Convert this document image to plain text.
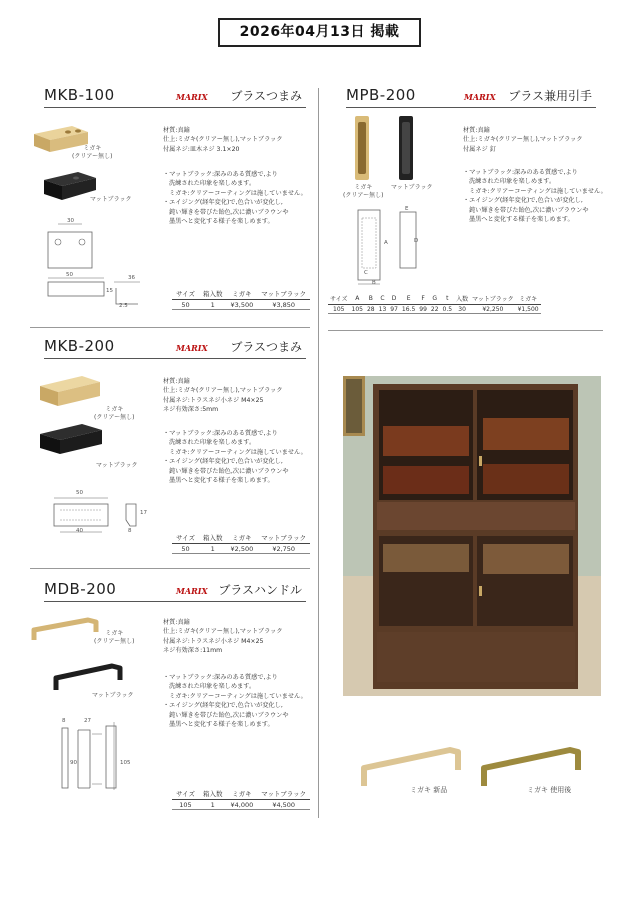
2026年04月13日 掲載
MKB-100	MARIX ブラスつまみ
ミガキ
(クリアー無し)
マットブラック
30
50	36
15
2.5

材質:真鍮

仕上:ミガキ(クリアー無し),マットブラック

付属ネジ:皿木ネジ 3.1×20

・マットブラック:深みのある質感で,より

洗練された印象を楽しめます。

ミガキ:クリアーコーティングは施していません。

・エイジング(経年変化)で,色合いが変化し,

鈍い輝きを帯びた飴色,次に濃いブラウンや

墨黒へと変化する様子を楽しめます。

サイズ	箱入数	ミガキ	マットブラック
50	1	¥3,500	¥3,850
MPB-200	MARIX ブラス兼用引手
ミガキ
(クリアー無し)
マットブラック
A
B
C
D
E

材質:真鍮

仕上:ミガキ(クリアー無し),マットブラック

付属ネジ 釘

・マットブラック:深みのある質感で,より

洗練された印象を楽しめます。

ミガキ:クリアーコーティングは施していません。

・エイジング(経年変化)で,色合いが変化し,

鈍い輝きを帯びた飴色,次に濃いブラウンや

墨黒へと変化する様子を楽しめます。

サイズ	A	B	C	D	E	F	G	t	入数	マットブラック	ミガキ
105	105	28	13	97	16.5	99	22	0.5	30	¥2,250	¥1,500
MKB-200	MARIX ブラスつまみ
ミガキ
(クリアー無し)
マットブラック
50
40
17
8

材質:真鍮

仕上:ミガキ(クリアー無し),マットブラック

付属ネジ:トラスネジ小ネジ M4×25

ネジ有効深さ:5mm

・マットブラック:深みのある質感で,より

洗練された印象を楽しめます。

ミガキ:クリアーコーティングは施していません。

・エイジング(経年変化)で,色合いが変化し,

鈍い輝きを帯びた飴色,次に濃いブラウンや

墨黒へと変化する様子を楽しめます。

サイズ	箱入数	ミガキ	マットブラック
50	1	¥2,500	¥2,750
MDB-200	MARIX ブラスハンドル
ミガキ
(クリアー無し)
マットブラック
8	27
90	105

材質:真鍮

仕上:ミガキ(クリアー無し),マットブラック

付属ネジ:トラスネジ小ネジ M4×25

ネジ有効深さ:11mm

・マットブラック:深みのある質感で,より

洗練された印象を楽しめます。

ミガキ:クリアーコーティングは施していません。

・エイジング(経年変化)で,色合いが変化し,

鈍い輝きを帯びた飴色,次に濃いブラウンや

墨黒へと変化する様子を楽しめます。

サイズ	箱入数	ミガキ	マットブラック
105	1	¥4,000	¥4,500
ミガキ 新品	ミガキ 使用後
